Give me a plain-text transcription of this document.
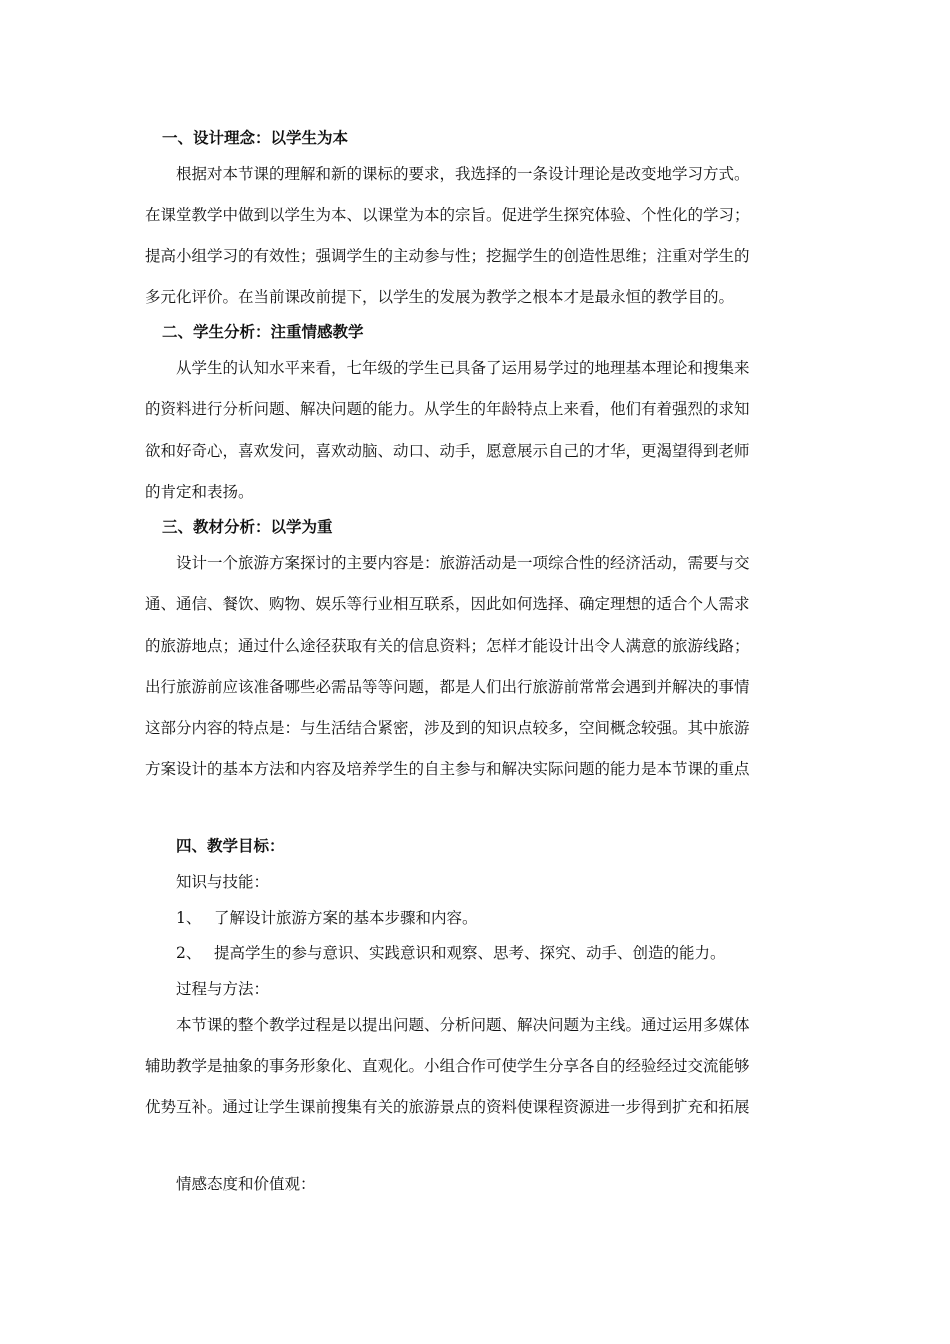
一、设计理念：以学生为本
根据对本节课的理解和新的课标的要求，我选择的一条设计理论是改变地学习方式。
在课堂教学中做到以学生为本、以课堂为本的宗旨。促进学生探究体验、个性化的学习；
提高小组学习的有效性；强调学生的主动参与性；挖掘学生的创造性思维；注重对学生的
多元化评价。在当前课改前提下，以学生的发展为教学之根本才是最永恒的教学目的。
二、学生分析：注重情感教学
从学生的认知水平来看，七年级的学生已具备了运用易学过的地理基本理论和搜集来
的资料进行分析问题、解决问题的能力。从学生的年龄特点上来看，他们有着强烈的求知
欲和好奇心，喜欢发问，喜欢动脑、动口、动手，愿意展示自己的才华，更渴望得到老师
的肯定和表扬。
三、教材分析：以学为重
设计一个旅游方案探讨的主要内容是：旅游活动是一项综合性的经济活动，需要与交
通、通信、餐饮、购物、娱乐等行业相互联系，因此如何选择、确定理想的适合个人需求
的旅游地点；通过什么途径获取有关的信息资料；怎样才能设计出令人满意的旅游线路；
出行旅游前应该准备哪些必需品等等问题，都是人们出行旅游前常常会遇到并解决的事情
这部分内容的特点是：与生活结合紧密，涉及到的知识点较多，空间概念较强。其中旅游
方案设计的基本方法和内容及培养学生的自主参与和解决实际问题的能力是本节课的重点
四、教学目标：
知识与技能：
1、 了解设计旅游方案的基本步骤和内容。
2、 提高学生的参与意识、实践意识和观察、思考、探究、动手、创造的能力。
过程与方法：
本节课的整个教学过程是以提出问题、分析问题、解决问题为主线。通过运用多媒体
辅助教学是抽象的事务形象化、直观化。小组合作可使学生分享各自的经验经过交流能够
优势互补。通过让学生课前搜集有关的旅游景点的资料使课程资源进一步得到扩充和拓展
情感态度和价值观：
